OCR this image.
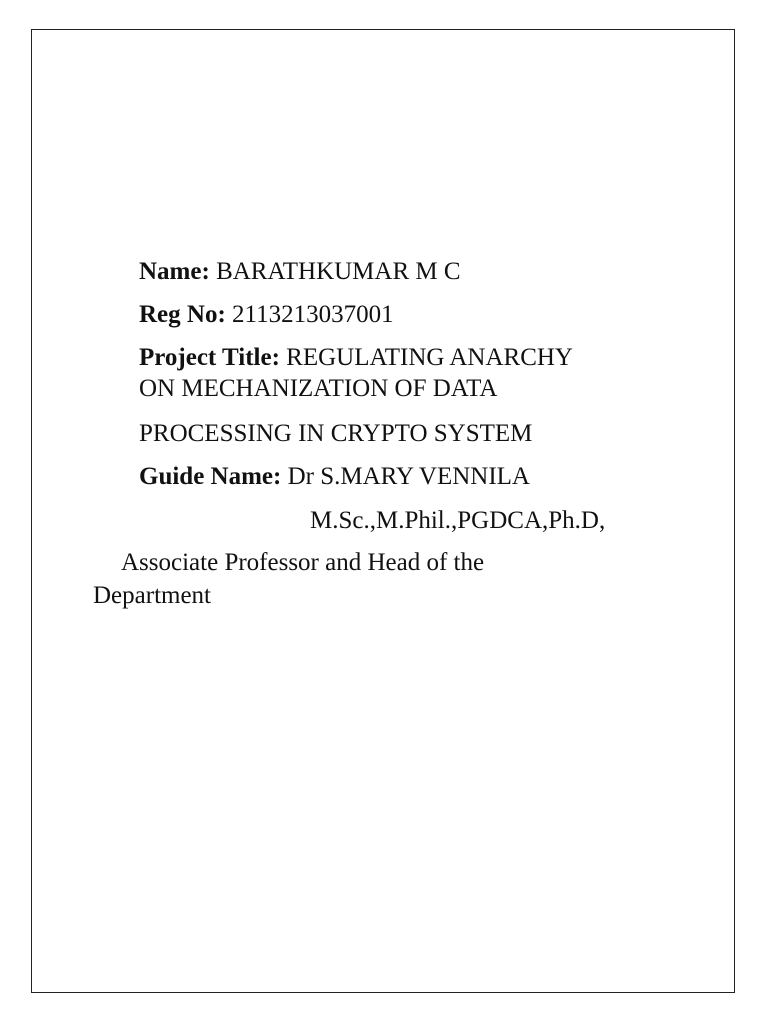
Name: BARATHKUMAR M C
Reg No: 2113213037001
Project Title: REGULATING ANARCHY
ON MECHANIZATION OF DATA
PROCESSING IN CRYPTO SYSTEM
Guide Name: Dr S.MARY VENNILA
M.Sc.,M.Phil.,PGDCA,Ph.D,
Associate Professor and Head of the
Department
